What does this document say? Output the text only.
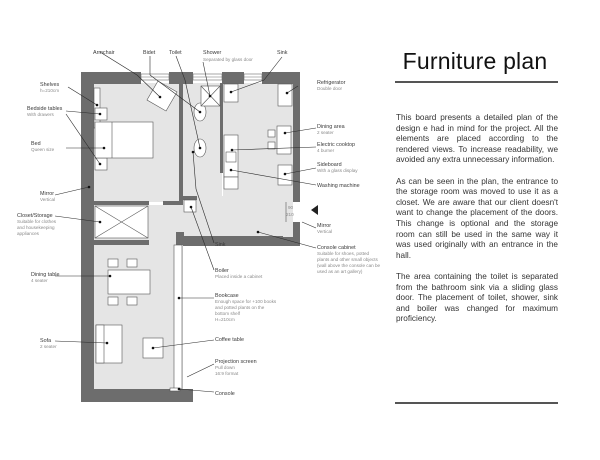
90
210
Armchair	Bidet	Toilet	Shower
Separated by glass door
Sink
Shelves
h=210cm
Bedside tables
With drawers
Bed
Queen size
Mirror
Vertical
Closet/Storage
Suitable for clothes
and housekeeping
appliances
Dining table
4 seater
Sofa
2 seater
Refrigerator
Double door
Dining area
2 seater
Electric cooktop
4 burner
Sideboard
With a glass display
Washing machine
Mirror
Vertical
Console cabinet
Suitable for shoes, potted
plants and other small objects
(wall above the console can be
used as an art gallery)
Sink
Boiler
Placed inside a cabinet
Bookcase
Enough space for +100 books
and potted plants on the
bottom shelf
H=210cm
Coffee table
Projection screen
Pull down
16:9 format
Console
Furniture plan

This board presents a detailed plan of the design e had in mind for the project. All the elements are placed according to the rendered views. To increase readability, we avoided any extra unnecessary information.

As can be seen in the plan, the entrance to the storage room was moved to use it as a closet. We are aware that our client doesn't want to change the placement of the doors. This change is optional and the storage room can still be used in the same way it was used originally with an entrance in the hall.

The area containing the toilet is separated from the bathroom sink via a sliding glass door. The placement of toilet, shower, sink and boiler was changed for maximum proficiency.
